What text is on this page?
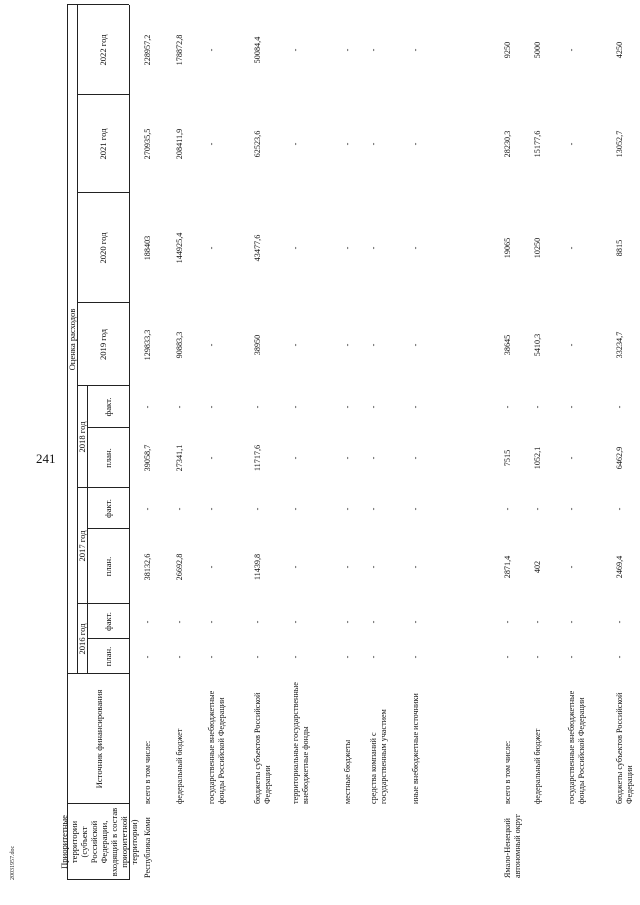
241
20031957.doc	Приоритетные территории (субъект Российской Федерации, входящий в состав приоритетной территории)
Источник финансирования
Оценка расходов
2016 год
2017 год
2018 год
2019 год
2020 год
2021 год
2022 год
план.
факт.
план.
факт.
план.
факт.
Республика Коми	Ямало-Ненецкий автономный округ
всего в том числе:
-
-
38132,6
-
39058,7
-
129833,3
188403
270935,5
228957,2
федеральный бюджет
-
-
26692,8
-
27341,1
-
90883,3
144925,4
208411,9
178872,8
государственные внебюджетные фонды Российской Федерации
-
-
-
-
-
-
-
-
-
-
бюджеты субъектов Российской Федерации
-
-
11439,8
-
11717,6
-
38950
43477,6
62523,6
50084,4
территориальные государственные внебюджетные фонды
-
-
-
-
-
-
-
-
-
-
местные бюджеты
-
-
-
-
-
-
-
-
-
-
средства компаний с государственным участием
-
-
-
-
-
-
-
-
-
-
иные внебюджетные источники
-
-
-
-
-
-
-
-
-
-
всего в том числе:
-
-
2871,4
-
7515
-
38645
19065
28230,3
9250
федеральный бюджет
-
-
402
-
1052,1
-
5410,3
10250
15177,6
5000
государственные внебюджетные фонды Российской Федерации
-
-
-
-
-
-
-
-
-
-
бюджеты субъектов Российской Федерации
-
-
2469,4
-
6462,9
-
33234,7
8815
13052,7
4250
